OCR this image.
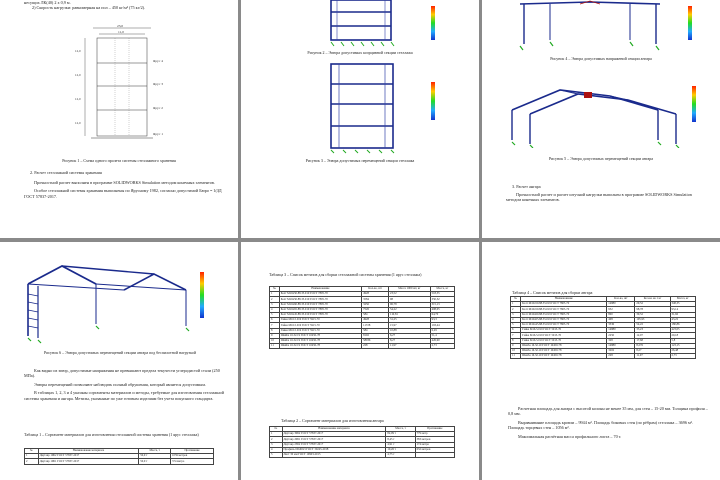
несущих ЛК(40) 2 х 0,9 м.
2) Скорость нагрузки: равномерная на пол – 450 кг/м² (75 кг/2).
23,0
11,0
12,0
12,0
12,0
12,0
Ярус 4
Ярус 3
Ярус 2
Ярус 1
Рисунок 1 – Схема одного пролета системы стеллажного хранения
2. Расчет стеллажной системы хранения
Прочностной расчет выполнен в программе SOLIDWORKS Simulation методом конечных элементов.
Особое стеллажной системы хранения выполнены по Ярусному 1982, согласно допустимой Бюро = 1(ЗД ГОСТ 57837-2017.
Рисунок 2 – Эпюра допустимых коэрцивной секции стеллажа
Рисунок 3 – Эпюра допустимых перемещений секции стеллажа
Рисунок 4 – Эпюра допустимых напряжений секции ангара
Рисунок 5 – Эпюра допустимых перемещений секции ангара
3. Расчет ангара
Прочностной расчет и расчет штучной нагрузки выполнен в программе SOLIDWORKS Simulation методом конечных элементов.
Рисунок 6 – Эпюра допустимых перемещений секции ангара под беспилотной нагрузкой
Как видно из эпюр, допустимые напряжения не превышают предела текучести углеродистой стали (250 МПа).
Эпюры перемещений позволяют наблюдать полный обрушения, который является допустимым.
В таблицах 1, 2, 3 и 4 указаны сортаменты материалов и методы, требуемые для изготовления стеллажной системы хранения и ангара. Метизы, указанные по уже готовым изделиям без учета покупного стандарта.
Таблица 1 – Сортамент материалов для изготовления стеллажной системы хранения (1 ярус стеллажа)
№	Наименование материала	Масса, т	Протяжение
1	Двутавр 10Б2 ГОСТ 57837-2017	50,9 т	1059 метров
2	Двутавр 10Б1 ГОСТ 57837-2017	50,9 т	374 метра
Таблица 3 – Список метизов для сборки стеллажной системы хранения (1 ярус стеллажа)
№	Наименование	Кол-во, шт	Масса 1000 шт, кг	Масса, кг
1	Болт М16х50.88.35.019 ГОСТ 7805-70	4928	23,52	518,35
2	Болт М16х50.88.35.019 ГОСТ 7805-70	3584	98	350,32
3	Болт М16х60.88.35.019 ГОСТ 7805-70	3256	96,78	315,13
4	Болт М16х65.88.35.019 ГОСТ 7805-70	7526	54,22	408,05
5	Болт М16х45.88.35.019 ГОСТ 7805-70	584	110,81	64,70
6	Гайка М16.5.019 ГОСТ 5915-70	4928	31,25	93,3
7	Гайка М16.5.019 ГОСТ 5915-70	11728	15,97	193,44
8	Гайка М16.5.019 ГОСТ 5915-70	584	10,88	6,29
9	Шайба 16.32.19 ГОСТ 10450-78	8192	6,27	51,4
10	Шайба 16.32.19 ГОСТ 10450-78	58036	8,27	426,90
11	Шайба 16.32.19 ГОСТ 10450-78	228	11,97	2,73
Таблица 2 – Сортамент материалов для изготовления ангара
№	Наименование материала	Масса, т	Протяжение
1	Двутавр 30Б2 ГОСТ 57837-2017	82,09 т	779 метр
2	Двутавр 20Б1 ГОСТ 57837-2017	8,45 т	383 метров
3	Двутавр 25Б2 ГОСТ 57837-2017	4,91 т	174 метра
4	Профиль 60х60х3 ГОСТ 30245-2018	10,26 т	632 метров
5	Лист 30 мм ГОСТ 19903-2015	4,75 т	
Таблица 4 – Список метизов для сборки ангара
№	Наименование	Кол-во, шт	Кол-во на 1 кг	Масса, кг
1	Болт М16х50.88.35.019 ГОСТ 7805-70	14880	29,52	348,35
2	Болт М16х50.88.35.019 ГОСТ 7805-70	952	98,78	93,14
3	Болт М16х60.88.35.019 ГОСТ 7805-70	800	39,52	31,66
4	Болт М16х65.88.35.019 ГОСТ 7805-70	408	105,93	43,22
5	Болт М16х45.88.35.019 ГОСТ 7805-70	3336	54,22	180,86
6	Гайка М16.5.019 ГОСТ 5915-70	14880	33,23	423,05
7	Гайка М16.5.019 ГОСТ 5915-70	2250	12,97	29,18
8	Гайка М16.5.019 ГОСТ 5915-70	328	17,68	5,8
9	Шайба 16.32.19 ГОСТ 10450-78	14880	8,276	123,15
10	Шайба 16.32.19 ГОСТ 10450-78	3202	8,27	26,48
11	Шайба 16.32.19 ГОСТ 10450-78	228	11,97	2,73
Расчетная площадь для ангара с высотой колонн не менее 35 мм, для стен – 15-20 мм. Толщина профиля – 0,8 мм.
Выравнивание площадь кровли – 9944 м². Площадь боковых стен (по рёбрам) стеллажа – 3696 м². Площадь торцевых стен – 1056 м².
Максимальная расчётная масса профильного листа – 70 т.
